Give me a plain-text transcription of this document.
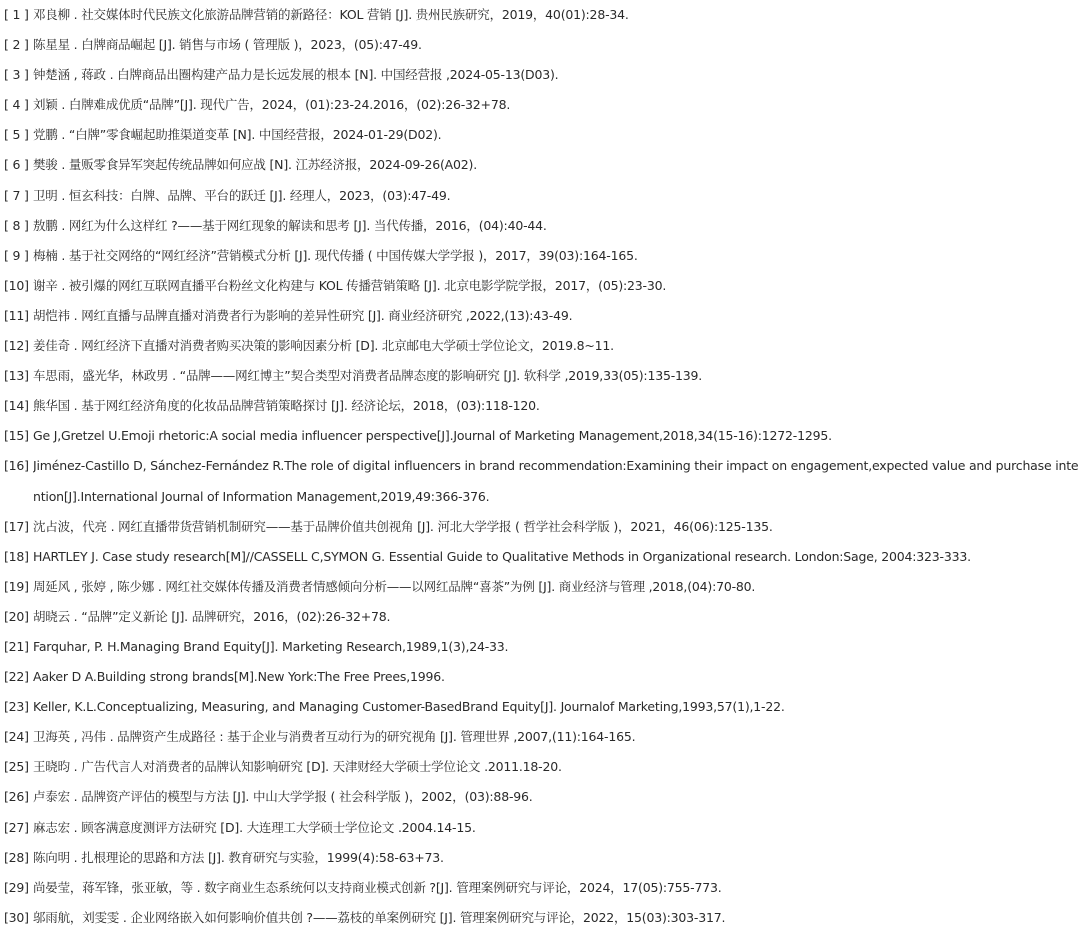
[ 1 ] 邓良柳 . 社交媒体时代民族文化旅游品牌营销的新路径：KOL 营销 [J]. 贵州民族研究，2019，40(01):28-34.
[ 2 ] 陈星星 . 白牌商品崛起 [J]. 销售与市场 ( 管理版 )，2023，(05):47-49.
[ 3 ] 钟楚涵 , 蒋政 . 白牌商品出圈构建产品力是长远发展的根本 [N]. 中国经营报 ,2024-05-13(D03).
[ 4 ] 刘颖 . 白牌难成优质“品牌”[J]. 现代广告，2024，(01):23-24.2016，(02):26-32+78.
[ 5 ] 党鹏 . “白牌”零食崛起助推渠道变革 [N]. 中国经营报，2024-01-29(D02).
[ 6 ] 樊骏 . 量贩零食异军突起传统品牌如何应战 [N]. 江苏经济报，2024-09-26(A02).
[ 7 ] 卫明 . 恒玄科技：白牌、品牌、平台的跃迁 [J]. 经理人，2023，(03):47-49.
[ 8 ] 敖鹏 . 网红为什么这样红 ?——基于网红现象的解读和思考 [J]. 当代传播，2016，(04):40-44.
[ 9 ] 梅楠 . 基于社交网络的“网红经济”营销模式分析 [J]. 现代传播 ( 中国传媒大学学报 )，2017，39(03):164-165.
[10] 谢辛 . 被引爆的网红互联网直播平台粉丝文化构建与 KOL 传播营销策略 [J]. 北京电影学院学报，2017，(05):23-30.
[11] 胡恺祎 . 网红直播与品牌直播对消费者行为影响的差异性研究 [J]. 商业经济研究 ,2022,(13):43-49.
[12] 姜佳奇 . 网红经济下直播对消费者购买决策的影响因素分析 [D]. 北京邮电大学硕士学位论文，2019.8~11.
[13] 车思雨，盛光华，林政男 . “品牌——网红博主”契合类型对消费者品牌态度的影响研究 [J]. 软科学 ,2019,33(05):135-139.
[14] 熊华国 . 基于网红经济角度的化妆品品牌营销策略探讨 [J]. 经济论坛，2018，(03):118-120.
[15] Ge J,Gretzel U.Emoji rhetoric:A social media influencer perspective[J].Journal of Marketing Management,2018,34(15-16):1272-1295.
[16] Jiménez-Castillo D, Sánchez-Fernández R.The role of digital influencers in brand recommendation:Examining their impact on engagement,expected value and purchase intention[J].International Journal of Information Management,2019,49:366-376.
[17] 沈占波，代亮 . 网红直播带货营销机制研究——基于品牌价值共创视角 [J]. 河北大学学报 ( 哲学社会科学版 )，2021，46(06):125-135.
[18] HARTLEY J. Case study research[M]//CASSELL C,SYMON G. Essential Guide to Qualitative Methods in Organizational research. London:Sage, 2004:323-333.
[19] 周延风 , 张婷 , 陈少娜 . 网红社交媒体传播及消费者情感倾向分析——以网红品牌“喜茶”为例 [J]. 商业经济与管理 ,2018,(04):70-80.
[20] 胡晓云 . “品牌”定义新论 [J]. 品牌研究，2016，(02):26-32+78.
[21] Farquhar, P. H.Managing Brand Equity[J]. Marketing Research,1989,1(3),24-33.
[22] Aaker D A.Building strong brands[M].New York:The Free Prees,1996.
[23] Keller, K.L.Conceptualizing, Measuring, and Managing Customer-BasedBrand Equity[J]. Journalof Marketing,1993,57(1),1-22.
[24] 卫海英 , 冯伟 . 品牌资产生成路径 : 基于企业与消费者互动行为的研究视角 [J]. 管理世界 ,2007,(11):164-165.
[25] 王晓昀 . 广告代言人对消费者的品牌认知影响研究 [D]. 天津财经大学硕士学位论文 .2011.18-20.
[26] 卢泰宏 . 品牌资产评估的模型与方法 [J]. 中山大学学报 ( 社会科学版 )，2002，(03):88-96.
[27] 麻志宏 . 顾客满意度测评方法研究 [D]. 大连理工大学硕士学位论文 .2004.14-15.
[28] 陈向明 . 扎根理论的思路和方法 [J]. 教育研究与实验，1999(4):58-63+73.
[29] 尚晏莹，蒋军锋，张亚敏，等 . 数字商业生态系统何以支持商业模式创新 ?[J]. 管理案例研究与评论，2024，17(05):755-773.
[30] 邬雨航，刘雯雯 . 企业网络嵌入如何影响价值共创 ?——荔枝的单案例研究 [J]. 管理案例研究与评论，2022，15(03):303-317.
